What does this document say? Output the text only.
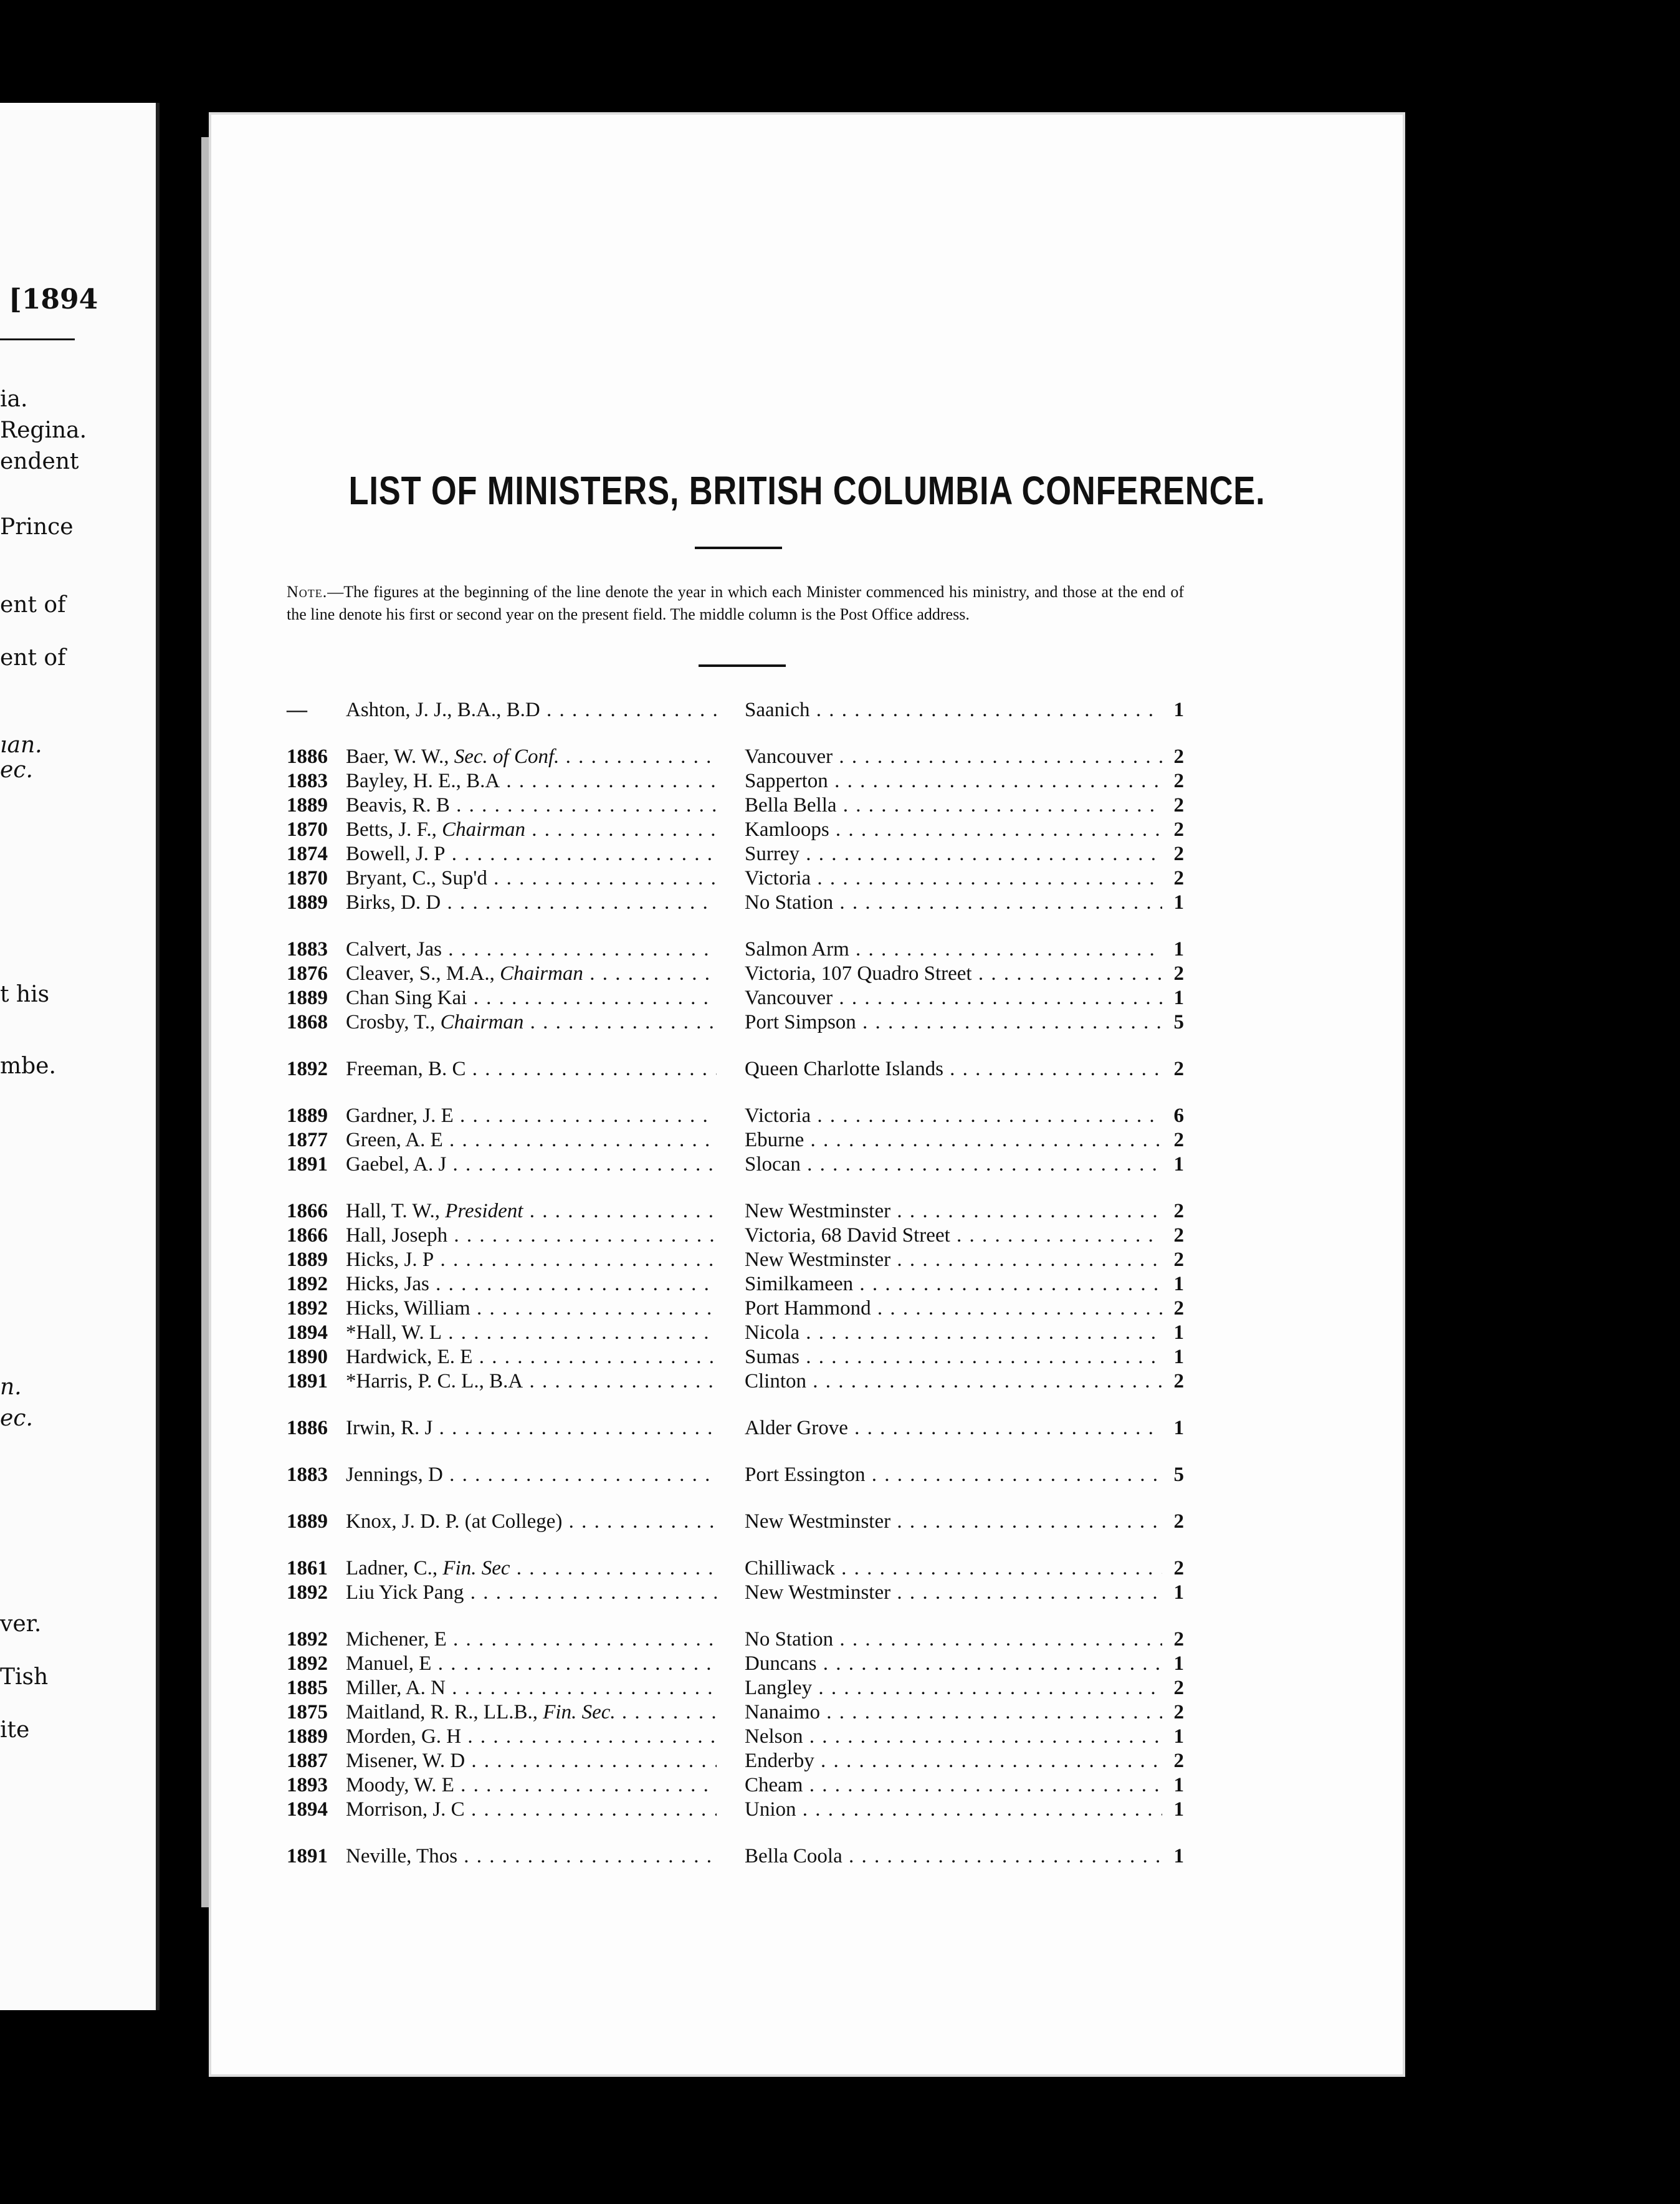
[1894
ia.
Regina.
endent
Prince
ent of
ent of
ıan.
ec.
t his
mbe.
n.
ec.
ver.
Tish
ite
LIST OF MINISTERS, BRITISH COLUMBIA CONFERENCE.
Note.—The figures at the beginning of the line denote the year in which each Minister commenced his ministry, and those at the end of the line denote his first or second year on the present field. The middle column is the Post Office address.
—	Ashton, J. J., B.A., B.D . . .	Saanich . . .	1
1886 Baer, W. W., Sec. of Conf. . . .	Vancouver . . .	2
1883 Bayley, H. E., B.A . . .	Sapperton . . .	2
1889 Beavis, R. B . . .	Bella Bella . . .	2
1870 Betts, J. F., Chairman . . .	Kamloops . . .	2
1874 Bowell, J. P . . .	Surrey . . .	2
1870 Bryant, C., Sup'd . . .	Victoria . . .	2
1889 Birks, D. D . . .	No Station . . .	1
1883 Calvert, Jas . . .	Salmon Arm . . .	1
1876 Cleaver, S., M.A., Chairman . . .	Victoria, 107 Quadro Street . . .	2
1889 Chan Sing Kai . . .	Vancouver . . .	1
1868 Crosby, T., Chairman . . .	Port Simpson . . .	5
1892 Freeman, B. C . . .	Queen Charlotte Islands . . .	2
1889 Gardner, J. E . . .	Victoria . . .	6
1877 Green, A. E . . .	Eburne . . .	2
1891 Gaebel, A. J . . .	Slocan . . .	1
1866 Hall, T. W., President . . .	New Westminster . . .	2
1866 Hall, Joseph . . .	Victoria, 68 David Street . . .	2
1889 Hicks, J. P . . .	New Westminster . . .	2
1892 Hicks, Jas . . .	Similkameen . . .	1
1892 Hicks, William . . .	Port Hammond . . .	2
1894 *Hall, W. L . . .	Nicola . . .	1
1890 Hardwick, E. E . . .	Sumas . . .	1
1891 *Harris, P. C. L., B.A . . .	Clinton . . .	2
1886 Irwin, R. J . . .	Alder Grove . . .	1
1883 Jennings, D . . .	Port Essington . . .	5
1889 Knox, J. D. P. (at College) . . .	New Westminster . . .	2
1861 Ladner, C., Fin. Sec . . .	Chilliwack . . .	2
1892 Liu Yick Pang . . .	New Westminster . . .	1
1892 Michener, E . . .	No Station . . .	2
1892 Manuel, E . . .	Duncans . . .	1
1885 Miller, A. N . . .	Langley . . .	2
1875 Maitland, R. R., LL.B., Fin. Sec. . . .	Nanaimo . . .	2
1889 Morden, G. H . . .	Nelson . . .	1
1887 Misener, W. D . . .	Enderby . . .	2
1893 Moody, W. E . . .	Cheam . . .	1
1894 Morrison, J. C . . .	Union . . .	1
1891 Neville, Thos . . .	Bella Coola . . .	1
